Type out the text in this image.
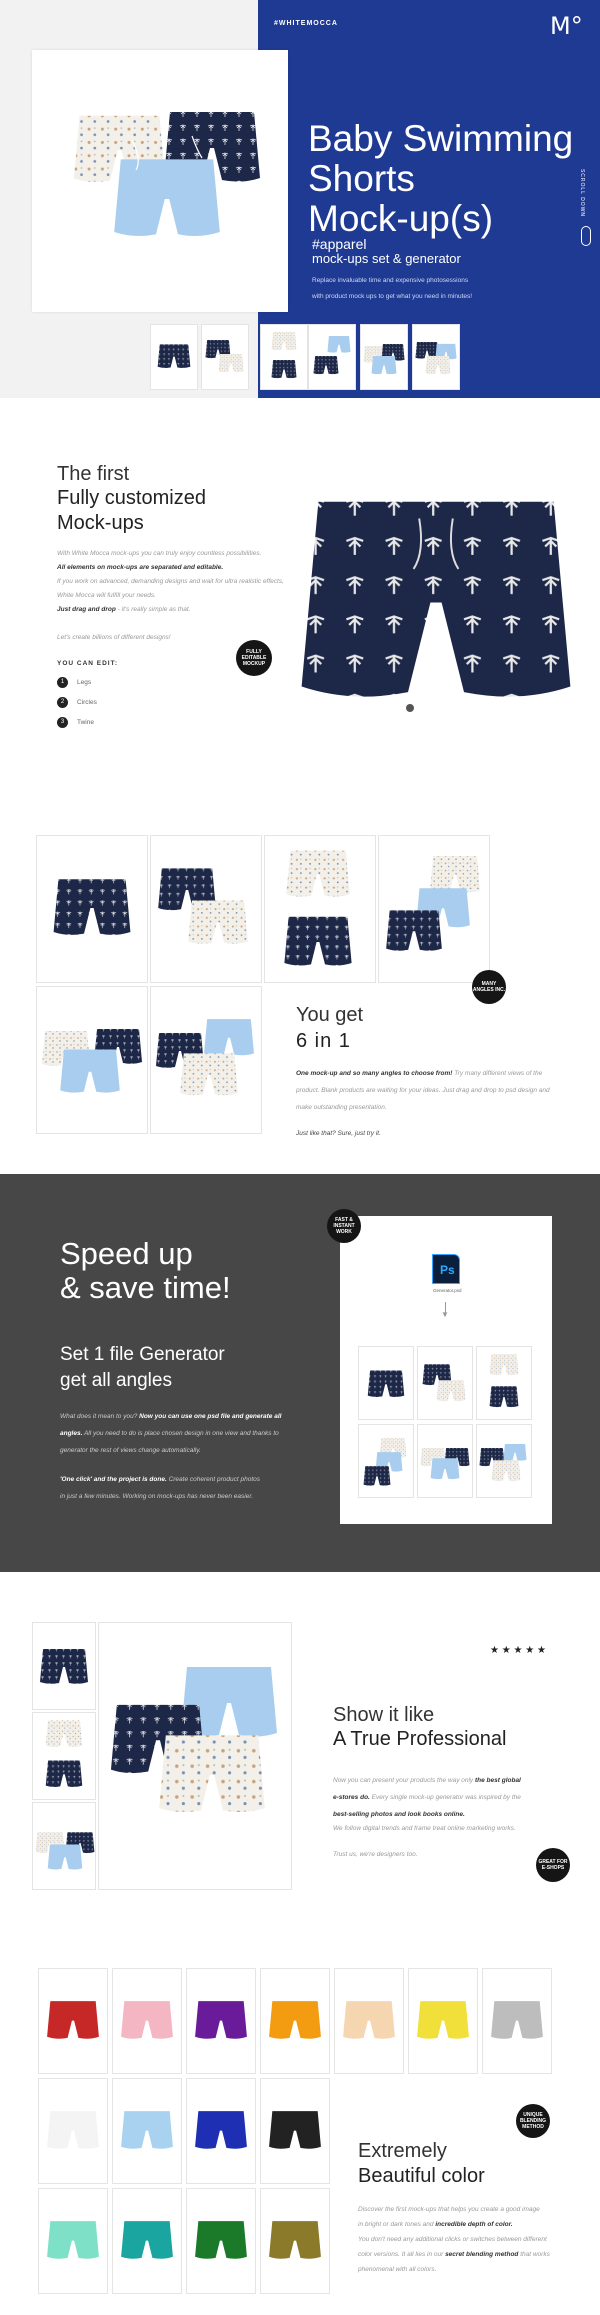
#WHITEMOCCA	M°
Baby Swimming
Shorts
Mock-up(s)
#apparel
mock-ups set & generator
Replace invaluable time and expensive photosessions
with product mock ups to get what you need in minutes!
SCROLL DOWN
The first
Fully customized
Mock-ups
With White Mocca mock-ups you can truly enjoy countless possibilities.
All elements on mock-ups are separated and editable.
If you work on advanced, demanding designs and wait for ultra realistic effects,
White Mocca will fulfill your needs.
Just drag and drop - it's really simple as that.
Let's create billions of different designs!
YOU CAN EDIT:
1	Legs
2	Circles
3	Twine
FULLY EDITABLE MOCKUP
MANY ANGLES INC.
You get
6 in 1
One mock-up and so many angles to choose from! Try many different views of the
product. Blank products are waiting for your ideas. Just drag and drop to psd design and
make outstanding presentation.
Just like that? Sure, just try it.
Speed up
& save time!
Set 1 file Generator
get all angles
What does it mean to you? Now you can use one psd file and generate all
angles. All you need to do is place chosen design in one view and thanks to
generator the rest of views change automatically.
'One click' and the project is done. Create coherent product photos
in just a few minutes. Working on mock-ups has never been easier.
FAST & INSTANT WORK
Ps
Generator.psd
▼
★ ★ ★ ★ ★
Show it like
A True Professional
Now you can present your products the way only the best global
e-stores do. Every single mock-up generator was inspired by the
best-selling photos and look books online.
We follow digital trends and frame treat online marketing works.
Trust us, we're designers too.
GREAT FOR E-SHOPS
UNIQUE BLENDING METHOD
Extremely
Beautiful color
Discover the first mock-ups that helps you create a good image
in bright or dark tones and incredible depth of color.
You don't need any additional clicks or switches between different
color versions. It all lies in our secret blending method that works
phenomenal with all colors.
